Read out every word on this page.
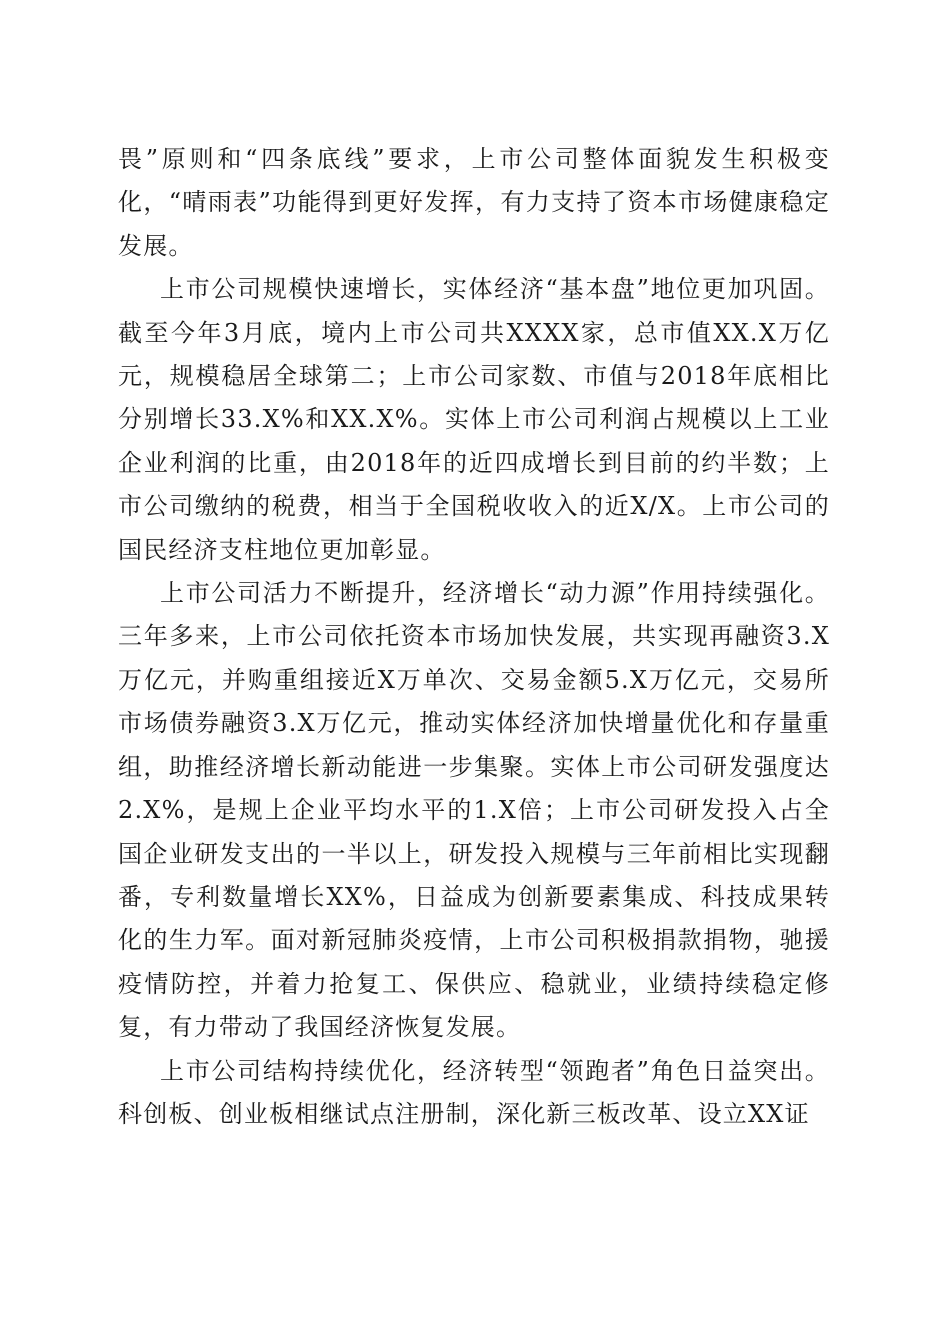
畏”原则和“四条底线”要求，上市公司整体面貌发生积极变化，“晴雨表”功能得到更好发挥，有力支持了资本市场健康稳定发展。

上市公司规模快速增长，实体经济“基本盘”地位更加巩固。截至今年3月底，境内上市公司共XXXX家，总市值XX.X万亿元，规模稳居全球第二；上市公司家数、市值与2018年底相比分别增长33.X%和XX.X%。实体上市公司利润占规模以上工业企业利润的比重，由2018年的近四成增长到目前的约半数；上市公司缴纳的税费，相当于全国税收收入的近X/X。上市公司的国民经济支柱地位更加彰显。

上市公司活力不断提升，经济增长“动力源”作用持续强化。三年多来，上市公司依托资本市场加快发展，共实现再融资3.X万亿元，并购重组接近X万单次、交易金额5.X万亿元，交易所市场债券融资3.X万亿元，推动实体经济加快增量优化和存量重组，助推经济增长新动能进一步集聚。实体上市公司研发强度达2.X%，是规上企业平均水平的1.X倍；上市公司研发投入占全国企业研发支出的一半以上，研发投入规模与三年前相比实现翻番，专利数量增长XX%，日益成为创新要素集成、科技成果转化的生力军。面对新冠肺炎疫情，上市公司积极捐款捐物，驰援疫情防控，并着力抢复工、保供应、稳就业，业绩持续稳定修复，有力带动了我国经济恢复发展。

上市公司结构持续优化，经济转型“领跑者”角色日益突出。科创板、创业板相继试点注册制，深化新三板改革、设立XX证
